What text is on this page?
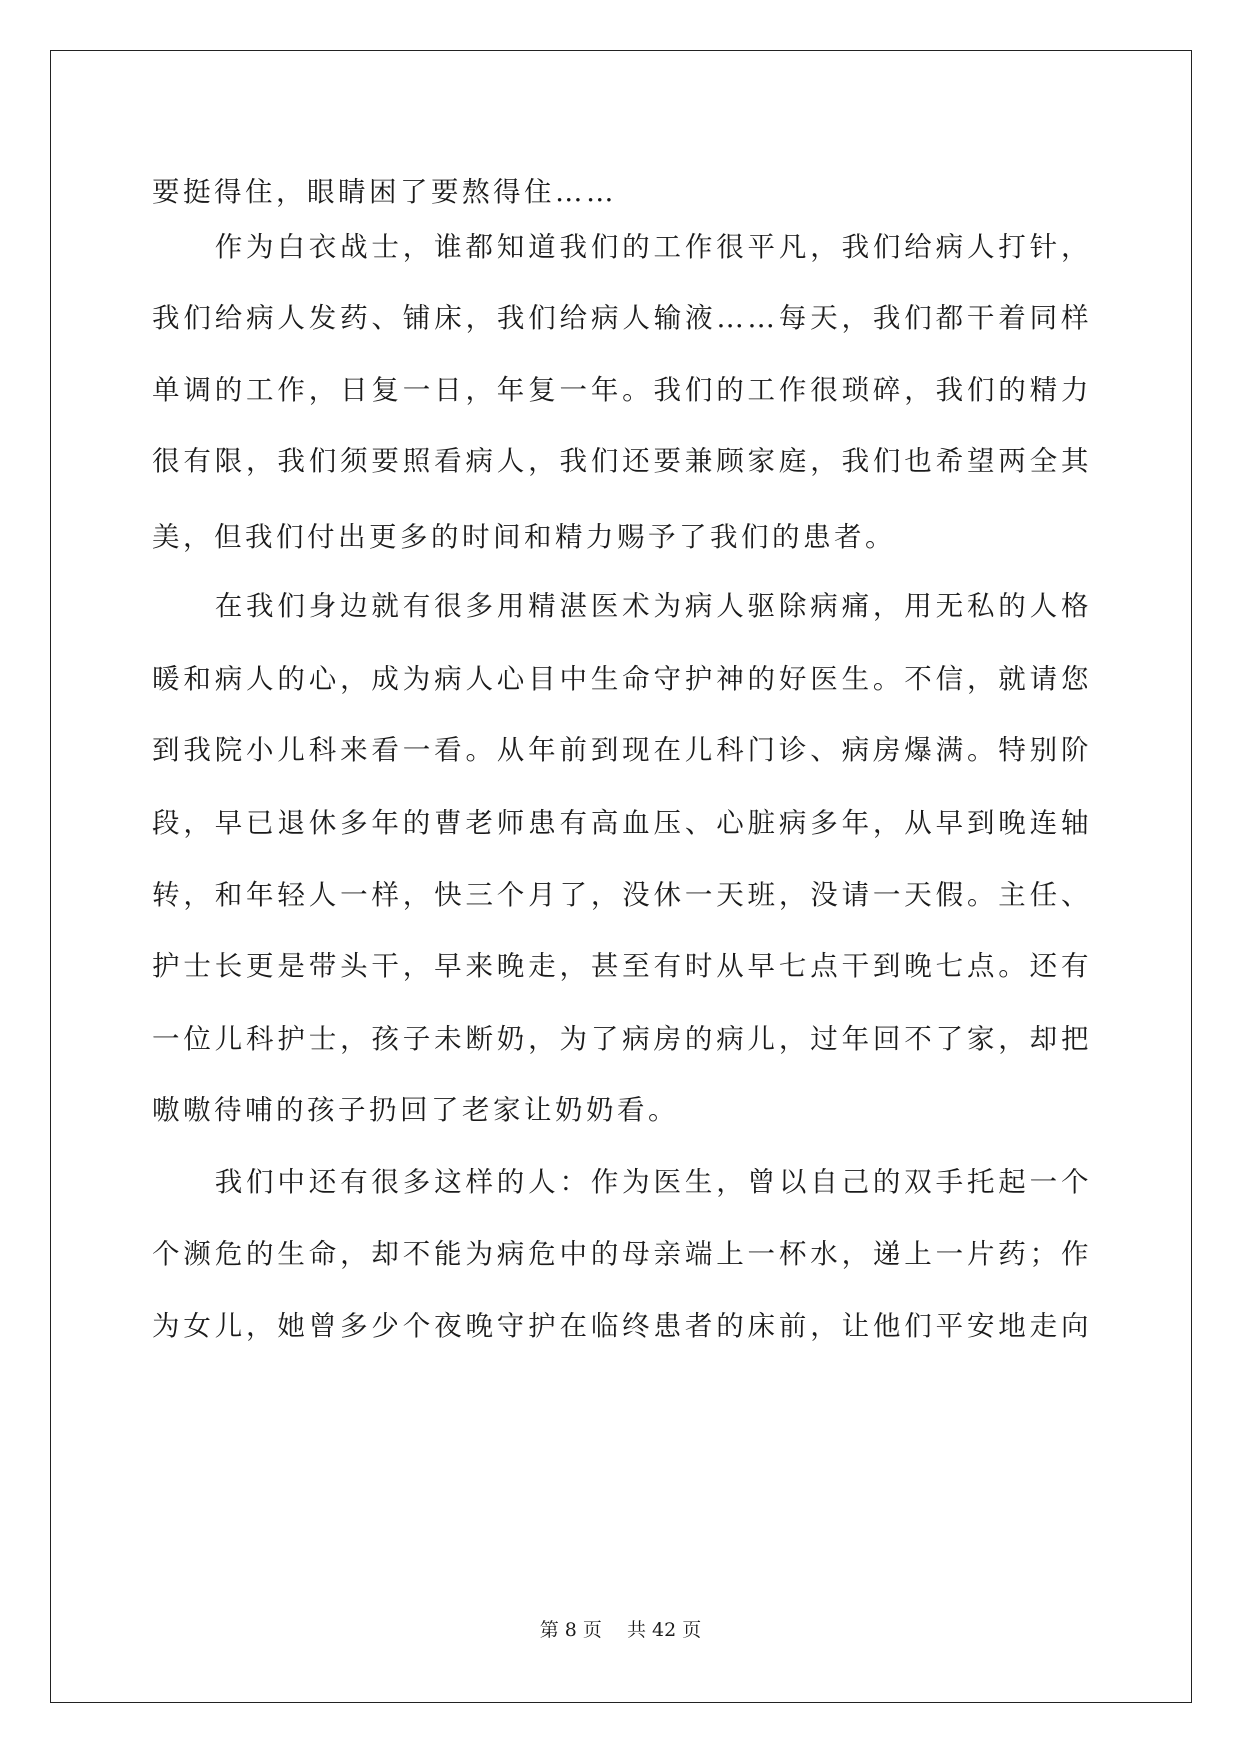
要挺得住，眼睛困了要熬得住……
　　作为白衣战士，谁都知道我们的工作很平凡，我们给病人打针，
我们给病人发药、铺床，我们给病人输液……每天，我们都干着同样
单调的工作，日复一日，年复一年。我们的工作很琐碎，我们的精力
很有限，我们须要照看病人，我们还要兼顾家庭，我们也希望两全其
美，但我们付出更多的时间和精力赐予了我们的患者。
　　在我们身边就有很多用精湛医术为病人驱除病痛，用无私的人格
暖和病人的心，成为病人心目中生命守护神的好医生。不信，就请您
到我院小儿科来看一看。从年前到现在儿科门诊、病房爆满。特别阶
段，早已退休多年的曹老师患有高血压、心脏病多年，从早到晚连轴
转，和年轻人一样，快三个月了，没休一天班，没请一天假。主任、
护士长更是带头干，早来晚走，甚至有时从早七点干到晚七点。还有
一位儿科护士，孩子未断奶，为了病房的病儿，过年回不了家，却把
嗷嗷待哺的孩子扔回了老家让奶奶看。
　　我们中还有很多这样的人：作为医生，曾以自己的双手托起一个
个濒危的生命，却不能为病危中的母亲端上一杯水，递上一片药；作
为女儿，她曾多少个夜晚守护在临终患者的床前，让他们平安地走向
第 8 页　 共 42 页
